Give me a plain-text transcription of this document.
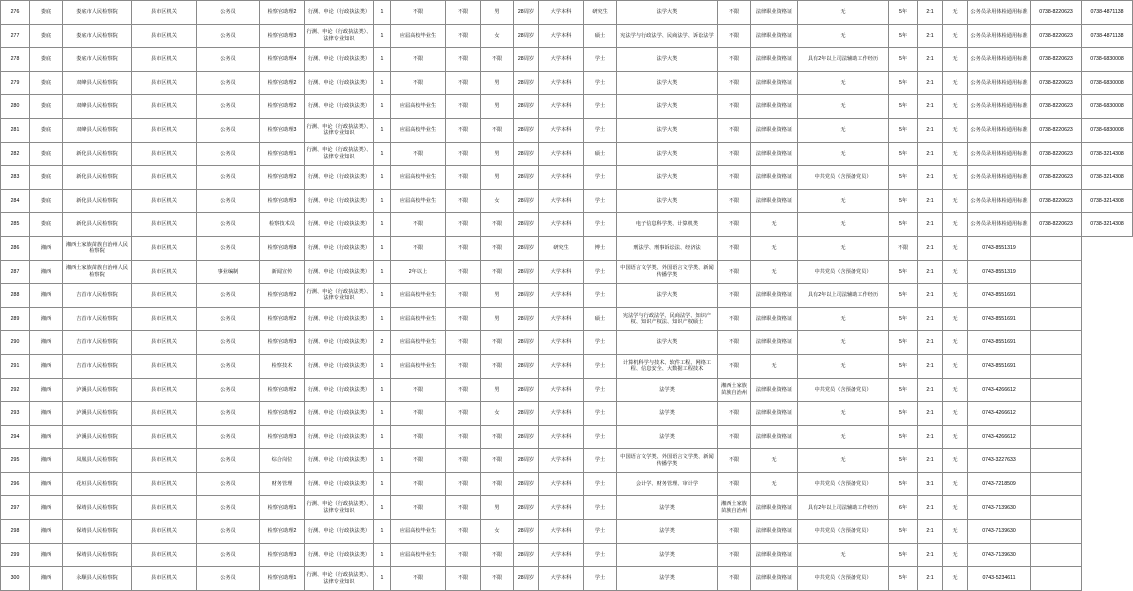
276	娄底	娄底市人民检察院	县市区机关	公务员	检察官助理2	行测、申论（行政执法类）	1	不限	不限	男	28周岁	大学本科	研究生	法学大类	不限	法律职业资格证	无	5年	2:1	无	公务员录用体检通用标准	0738-8220623	0738-4871138
277	娄底	娄底市人民检察院	县市区机关	公务员	检察官助理3	行测、申论（行政执法类）、法律专业知识	1	应届高校毕业生	不限	女	28周岁	大学本科	硕士	宪法学与行政法学、民商法学、诉讼法学	不限	法律职业资格证	无	5年	2:1	无	公务员录用体检通用标准	0738-8220623	0738-4871138
278	娄底	娄底市人民检察院	县市区机关	公务员	检察官助理4	行测、申论（行政执法类）	1	不限	不限	不限	28周岁	大学本科	学士	法学大类	不限	法律职业资格证	具有2年以上司法辅助工作经历	5年	2:1	无	公务员录用体检通用标准	0738-8220623	0738-6830008
279	娄底	双峰县人民检察院	县市区机关	公务员	检察官助理2	行测、申论（行政执法类）	1	不限	不限	男	28周岁	大学本科	学士	法学大类	不限	法律职业资格证	无	5年	2:1	无	公务员录用体检通用标准	0738-8220623	0738-6830008
280	娄底	双峰县人民检察院	县市区机关	公务员	检察官助理2	行测、申论（行政执法类）	1	应届高校毕业生	不限	男	28周岁	大学本科	学士	法学大类	不限	法律职业资格证	无	5年	2:1	无	公务员录用体检通用标准	0738-8220623	0738-6830008
281	娄底	双峰县人民检察院	县市区机关	公务员	检察官助理3	行测、申论（行政执法类）、法律专业知识	1	应届高校毕业生	不限	不限	28周岁	大学本科	学士	法学大类	不限	法律职业资格证	无	5年	2:1	无	公务员录用体检通用标准	0738-8220623	0738-6830008
282	娄底	新化县人民检察院	县市区机关	公务员	检察官助理1	行测、申论（行政执法类）、法律专业知识	1	不限	不限	男	28周岁	大学本科	硕士	法学大类	不限	法律职业资格证	无	5年	2:1	无	公务员录用体检通用标准	0738-8220623	0738-3214308
283	娄底	新化县人民检察院	县市区机关	公务员	检察官助理2	行测、申论（行政执法类）	1	应届高校毕业生	不限	男	28周岁	大学本科	学士	法学大类	不限	法律职业资格证	中共党员（含预备党员）	5年	2:1	无	公务员录用体检通用标准	0738-8220623	0738-3214308
284	娄底	新化县人民检察院	县市区机关	公务员	检察官助理3	行测、申论（行政执法类）	1	应届高校毕业生	不限	女	28周岁	大学本科	学士	法学大类	不限	法律职业资格证	无	5年	2:1	无	公务员录用体检通用标准	0738-8220623	0738-3214308
285	娄底	新化县人民检察院	县市区机关	公务员	检察技术员	行测、申论（行政执法类）	1	不限	不限	不限	28周岁	大学本科	学士	电子信息科学类、计算机类	不限	无	无	5年	2:1	无	公务员录用体检通用标准	0738-8220623	0738-3214308
286	湘西	湘西土家族苗族自治州人民检察院	县市区机关	公务员	检察官助理8	行测、申论（行政执法类）	1	不限	不限	不限	28周岁	研究生	博士	刑法学、刑事诉讼法、经济法	不限	无	无	不限	2:1	无	0743-8551319		
287	湘西	湘西土家族苗族自治州人民检察院	县市区机关	事业编制	新闻宣传	行测、申论（行政执法类）	1	2年以上	不限	不限	28周岁	大学本科	学士	中国语言文学类、外国语言文学类、新闻传播学类	不限	无	中共党员（含预备党员）	5年	2:1	无	0743-8551319		
288	湘西	吉首市人民检察院	县市区机关	公务员	检察官助理2	行测、申论（行政执法类）、法律专业知识	1	应届高校毕业生	不限	男	28周岁	大学本科	学士	法学大类	不限	法律职业资格证	具有2年以上司法辅助工作经历	5年	2:1	无	0743-8551691		
289	湘西	吉首市人民检察院	县市区机关	公务员	检察官助理2	行测、申论（行政执法类）	1	应届高校毕业生	不限	男	28周岁	大学本科	硕士	宪法学与行政法学、民商法学、知识产权、知识产权法、知识产权硕士	不限	法律职业资格证	无	5年	2:1	无	0743-8551691		
290	湘西	吉首市人民检察院	县市区机关	公务员	检察官助理3	行测、申论（行政执法类）	2	应届高校毕业生	不限	不限	28周岁	大学本科	学士	法学大类	不限	法律职业资格证	无	5年	2:1	无	0743-8551691		
291	湘西	吉首市人民检察院	县市区机关	公务员	检察技术	行测、申论（行政执法类）	1	应届高校毕业生	不限	不限	28周岁	大学本科	学士	计算机科学与技术、软件工程、网络工程、信息安全、大数据工程技术	不限	无	无	5年	2:1	无	0743-8551691		
292	湘西	泸溪县人民检察院	县市区机关	公务员	检察官助理2	行测、申论（行政执法类）	1	不限	不限	男	28周岁	大学本科	学士	法学类	湘西土家族苗族自治州	法律职业资格证	中共党员（含预备党员）	5年	2:1	无	0743-4266612		
293	湘西	泸溪县人民检察院	县市区机关	公务员	检察官助理2	行测、申论（行政执法类）	1	不限	不限	女	28周岁	大学本科	学士	法学类	不限	法律职业资格证	无	5年	2:1	无	0743-4266612		
294	湘西	泸溪县人民检察院	县市区机关	公务员	检察官助理3	行测、申论（行政执法类）	1	不限	不限	不限	28周岁	大学本科	学士	法学类	不限	法律职业资格证	无	5年	2:1	无	0743-4266612		
295	湘西	凤凰县人民检察院	县市区机关	公务员	综合岗位	行测、申论（行政执法类）	1	不限	不限	不限	28周岁	大学本科	学士	中国语言文学类、外国语言文学类、新闻传播学类	不限	无	无	5年	2:1	无	0743-3227633		
296	湘西	花垣县人民检察院	县市区机关	公务员	财务管理	行测、申论（行政执法类）	1	不限	不限	不限	28周岁	大学本科	学士	会计学、财务管理、审计学	不限	无	中共党员（含预备党员）	5年	3:1	无	0743-7218509		
297	湘西	保靖县人民检察院	县市区机关	公务员	检察官助理1	行测、申论（行政执法类）、法律专业知识	1	不限	不限	男	28周岁	大学本科	学士	法学类	湘西土家族苗族自治州	法律职业资格证	具有2年以上司法辅助工作经历	6年	2:1	无	0743-7139630		
298	湘西	保靖县人民检察院	县市区机关	公务员	检察官助理2	行测、申论（行政执法类）	1	应届高校毕业生	不限	女	28周岁	大学本科	学士	法学类	不限	法律职业资格证	中共党员（含预备党员）	5年	2:1	无	0743-7139630		
299	湘西	保靖县人民检察院	县市区机关	公务员	检察官助理3	行测、申论（行政执法类）	1	应届高校毕业生	不限	不限	28周岁	大学本科	学士	法学类	不限	法律职业资格证	无	5年	2:1	无	0743-7139630		
300	湘西	永顺县人民检察院	县市区机关	公务员	检察官助理1	行测、申论（行政执法类）、法律专业知识	1	不限	不限	不限	28周岁	大学本科	学士	法学类	不限	法律职业资格证	中共党员（含预备党员）	5年	2:1	无	0743-5234611		
